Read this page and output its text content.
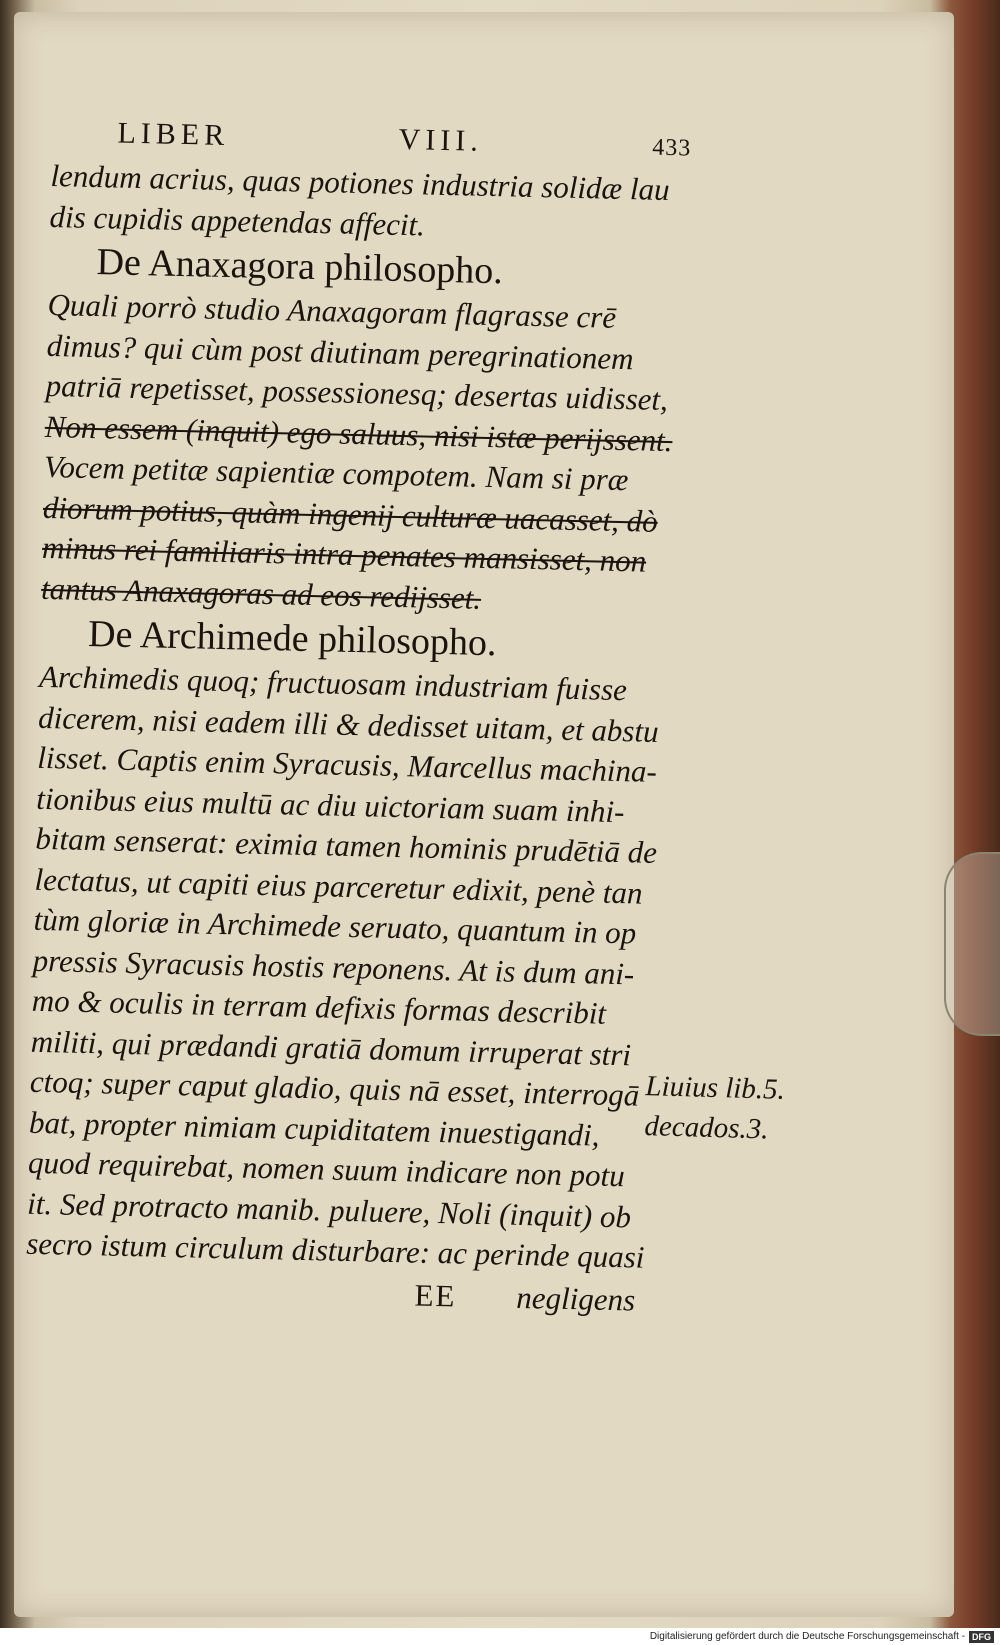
LIBER	VIII.	433
lendum acrius, quas potiones industria solidæ lau
dis cupidis appetendas affecit.
De Anaxagora philosopho.
Quali porrò studio Anaxagoram flagrasse crē
dimus? qui cùm post diutinam peregrinationem
patriā repetisset, possessionesq; desertas uidisset,
Non essem (inquit) ego saluus, nisi istæ perijssent.
Vocem petitæ sapientiæ compotem. Nam si præ
diorum potius, quàm ingenij culturæ uacasset, dò
minus rei familiaris intra penates mansisset, non
tantus Anaxagoras ad eos redijsset.
De Archimede philosopho.
Archimedis quoq; fructuosam industriam fuisse
dicerem, nisi eadem illi & dedisset uitam, et abstu
lisset. Captis enim Syracusis, Marcellus machina-
tionibus eius multū ac diu uictoriam suam inhi-
bitam senserat: eximia tamen hominis prudētiā de
lectatus, ut capiti eius parceretur edixit, penè tan
tùm gloriæ in Archimede seruato, quantum in op
pressis Syracusis hostis reponens. At is dum ani-
mo & oculis in terram defixis formas describit
militi, qui prædandi gratiā domum irruperat stri
ctoq; super caput gladio, quis nā esset, interrogā
bat, propter nimiam cupiditatem inuestigandi,
quod requirebat, nomen suum indicare non potu
it. Sed protracto manib. puluere, Noli (inquit) ob
secro istum circulum disturbare: ac perinde quasi
EE negligens
Liuius lib.5.
decados.3.
Digitalisierung gefördert durch die Deutsche Forschungsgemeinschaft - DFG
